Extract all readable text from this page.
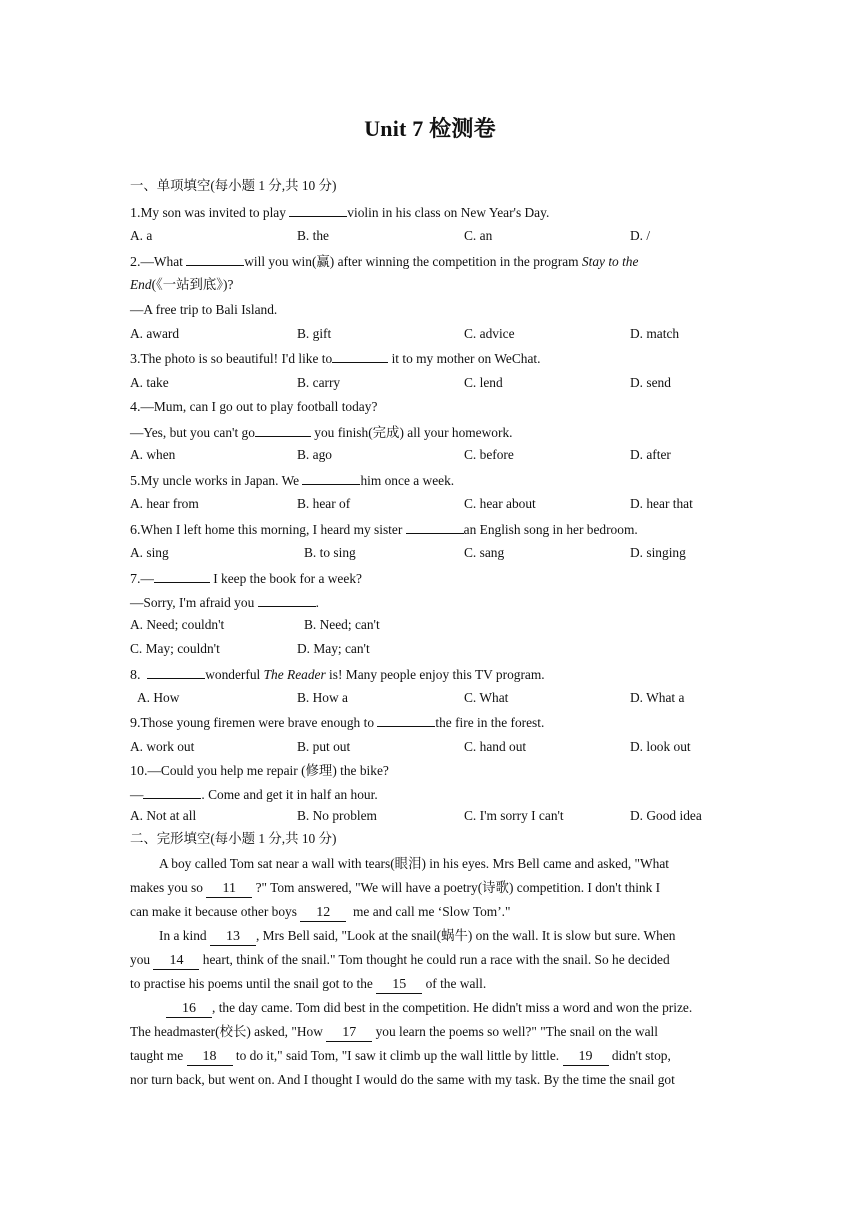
Unit 7 检测卷
一、单项填空(每小题 1 分,共 10 分)
1.My son was invited to play	violin in his class on New Year's Day.
A. a	B. the	C. an	D. /
2.—What	will you win(赢) after winning the competition in the program Stay to the
End(《一站到底》)?
—A free trip to Bali Island.
A. award	B. gift	C. advice	D. match
3.The photo is so beautiful! I'd like to	it to my mother on WeChat.
A. take	B. carry	C. lend	D. send
4.—Mum, can I go out to play football today?
—Yes, but you can't go	you finish(完成) all your homework.
A. when	B. ago	C. before	D. after
5.My uncle works in Japan. We	him once a week.
A. hear from	B. hear of	C. hear about	D. hear that
6.When I left home this morning, I heard my sister	an English song in her bedroom.
A. sing	B. to sing	C. sang	D. singing
7.—	I keep the book for a week?
—Sorry, I'm afraid you	.
A. Need; couldn't	B. Need; can't
C. May; couldn't	D. May; can't
8.	wonderful The Reader is! Many people enjoy this TV program.
A. How	B. How a	C. What	D. What a
9.Those young firemen were brave enough to	the fire in the forest.
A. work out	B. put out	C. hand out	D. look out
10.—Could you help me repair (修理) the bike?
—	. Come and get it in half an hour.
A. Not at all	B. No problem	C. I'm sorry I can't	D. Good idea
二、完形填空(每小题 1 分,共 10 分)
A boy called Tom sat near a wall with tears(眼泪) in his eyes. Mrs Bell came and asked, "What
makes you so 11 ?" Tom answered, "We will have a poetry(诗歌) competition. I don't think I
can make it because other boys 12  me and call me ‘Slow Tom’."
In a kind 13 , Mrs Bell said, "Look at the snail(蜗牛) on the wall. It is slow but sure. When
you 14 heart, think of the snail." Tom thought he could run a race with the snail. So he decided
to practise his poems until the snail got to the 15 of the wall.
16 , the day came. Tom did best in the competition. He didn't miss a word and won the prize.
The headmaster(校长) asked, "How 17 you learn the poems so well?" "The snail on the wall
taught me 18 to do it," said Tom, "I saw it climb up the wall little by little. 19 didn't stop,
nor turn back, but went on. And I thought I would do the same with my task. By the time the snail got
